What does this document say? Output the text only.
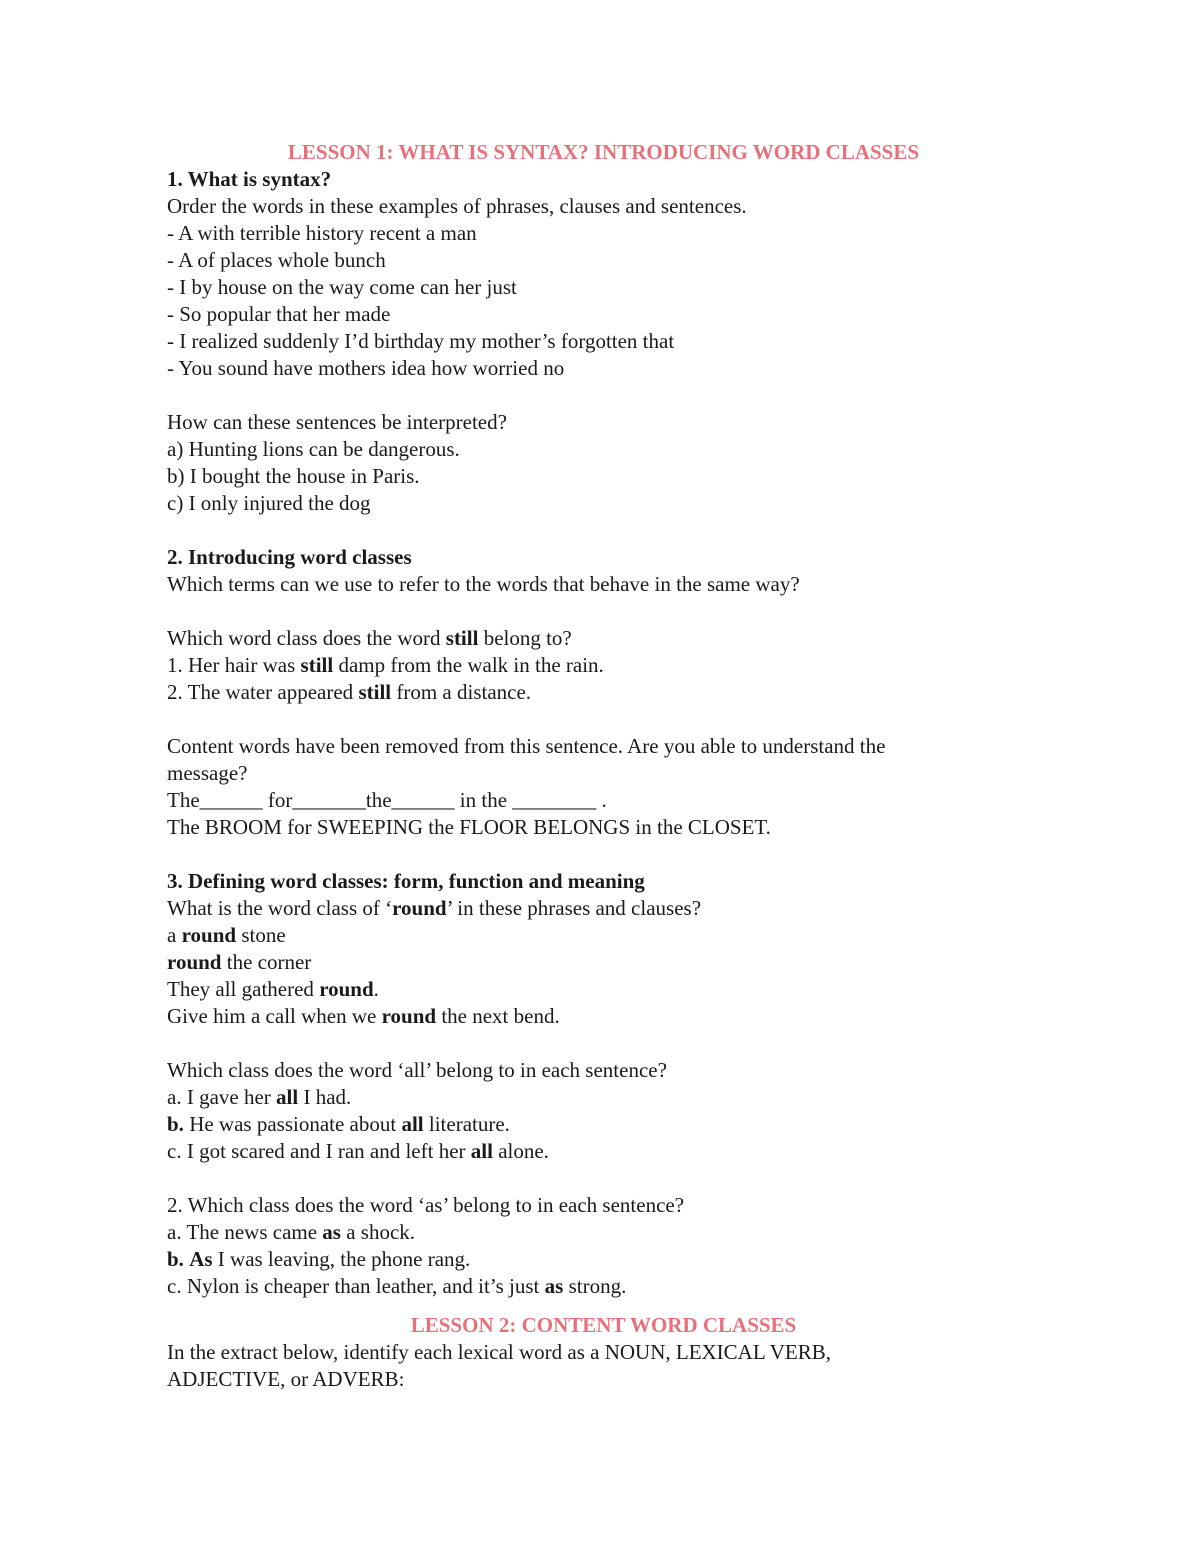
LESSON 1: WHAT IS SYNTAX? INTRODUCING WORD CLASSES

1. What is syntax?

Order the words in these examples of phrases, clauses and sentences.

- A with terrible history recent a man

- A of places whole bunch

- I by house on the way come can her just

- So popular that her made

- I realized suddenly I’d birthday my mother’s forgotten that

- You sound have mothers idea how worried no

How can these sentences be interpreted?

a) Hunting lions can be dangerous.

b) I bought the house in Paris.

c) I only injured the dog

2. Introducing word classes

Which terms can we use to refer to the words that behave in the same way?

Which word class does the word still belong to?

1. Her hair was still damp from the walk in the rain.

2. The water appeared still from a distance.

Content words have been removed from this sentence. Are you able to understand the

message?

The______ for_______the______ in the ________ .

The BROOM for SWEEPING the FLOOR BELONGS in the CLOSET.

3. Defining word classes: form, function and meaning

What is the word class of ‘round’ in these phrases and clauses?

a round stone

round the corner

They all gathered round.

Give him a call when we round the next bend.

Which class does the word ‘all’ belong to in each sentence?

a. I gave her all I had.

b. He was passionate about all literature.

c. I got scared and I ran and left her all alone.

2. Which class does the word ‘as’ belong to in each sentence?

a. The news came as a shock.

b. As I was leaving, the phone rang.

c. Nylon is cheaper than leather, and it’s just as strong.

LESSON 2: CONTENT WORD CLASSES

In the extract below, identify each lexical word as a NOUN, LEXICAL VERB,

ADJECTIVE, or ADVERB:
